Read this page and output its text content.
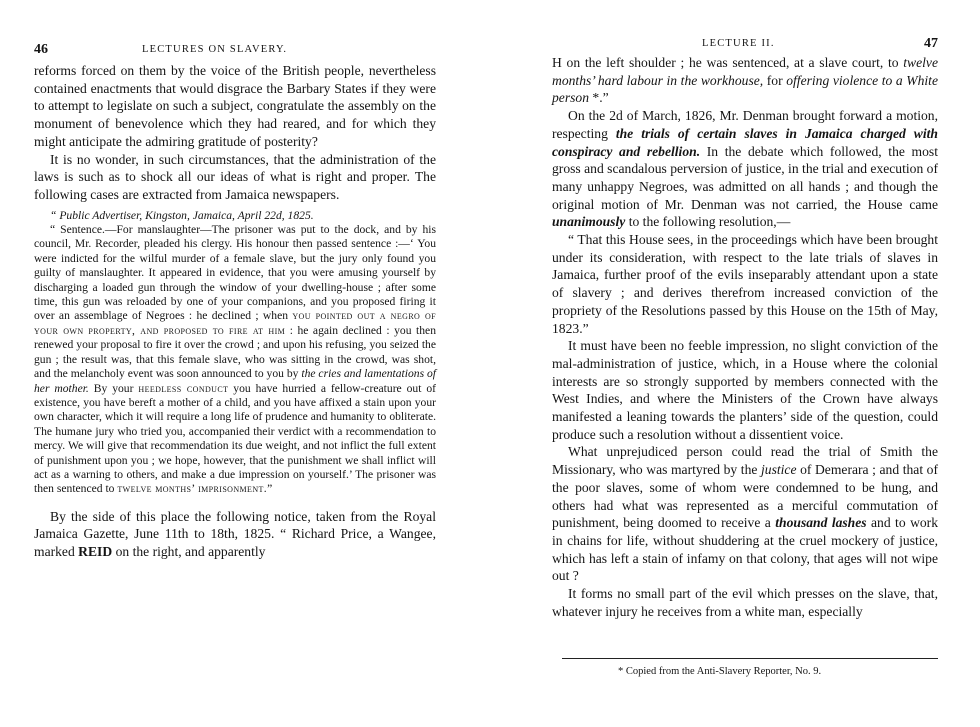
46	LECTURES ON SLAVERY.

reforms forced on them by the voice of the British people, nevertheless contained enactments that would disgrace the Barbary States if they were to attempt to legislate on such a subject, congratulate the assembly on the monument of benevolence which they had reared, and for which they might anticipate the admiring gratitude of posterity?

It is no wonder, in such circumstances, that the administration of the laws is such as to shock all our ideas of what is right and proper. The following cases are extracted from Jamaica newspapers.

“ Public Advertiser, Kingston, Jamaica, April 22d, 1825.

“ Sentence.—For manslaughter—The prisoner was put to the dock, and by his council, Mr. Recorder, pleaded his clergy. His honour then passed sentence :—‘ You were indicted for the wilful murder of a female slave, but the jury only found you guilty of manslaughter. It appeared in evidence, that you were amusing yourself by discharging a loaded gun through the window of your dwelling-house ; after some time, this gun was reloaded by one of your companions, and you proposed firing it over an assemblage of Negroes : he declined ; when you pointed out a negro of your own property, and proposed to fire at him : he again declined : you then renewed your proposal to fire it over the crowd ; and upon his refusing, you seized the gun ; the result was, that this female slave, who was sitting in the crowd, was shot, and the melancholy event was soon announced to you by the cries and lamentations of her mother. By your heedless conduct you have hurried a fellow-creature out of existence, you have bereft a mother of a child, and you have affixed a stain upon your own character, which it will require a long life of prudence and humanity to obliterate. The humane jury who tried you, accompanied their verdict with a recommendation to mercy. We will give that recommendation its due weight, and not inflict the full extent of punishment upon you ; we hope, however, that the punishment we shall inflict will act as a warning to others, and make a due impression on yourself.’ The prisoner was then sentenced to twelve months’ imprisonment.”

By the side of this place the following notice, taken from the Royal Jamaica Gazette, June 11th to 18th, 1825. “ Richard Price, a Wangee, marked REID on the right, and apparently

LECTURE II.	47

H on the left shoulder ; he was sentenced, at a slave court, to twelve months’ hard labour in the workhouse, for offering violence to a White person *.”

On the 2d of March, 1826, Mr. Denman brought forward a motion, respecting the trials of certain slaves in Jamaica charged with conspiracy and rebellion. In the debate which followed, the most gross and scandalous perversion of justice, in the trial and execution of many unhappy Negroes, was admitted on all hands ; and though the original motion of Mr. Denman was not carried, the House came unanimously to the following resolution,—

“ That this House sees, in the proceedings which have been brought under its consideration, with respect to the late trials of slaves in Jamaica, further proof of the evils inseparably attendant upon a state of slavery ; and derives therefrom increased conviction of the propriety of the Resolutions passed by this House on the 15th of May, 1823.”

It must have been no feeble impression, no slight conviction of the mal-administration of justice, which, in a House where the colonial interests are so strongly supported by members connected with the West Indies, and where the Ministers of the Crown have always manifested a leaning towards the planters’ side of the question, could produce such a resolution without a dissentient voice.

What unprejudiced person could read the trial of Smith the Missionary, who was martyred by the justice of Demerara ; and that of the poor slaves, some of whom were condemned to be hung, and others had what was represented as a merciful commutation of punishment, being doomed to receive a thousand lashes and to work in chains for life, without shuddering at the cruel mockery of justice, which has left a stain of infamy on that colony, that ages will not wipe out ?

It forms no small part of the evil which presses on the slave, that, whatever injury he receives from a white man, especially

* Copied from the Anti-Slavery Reporter, No. 9.
